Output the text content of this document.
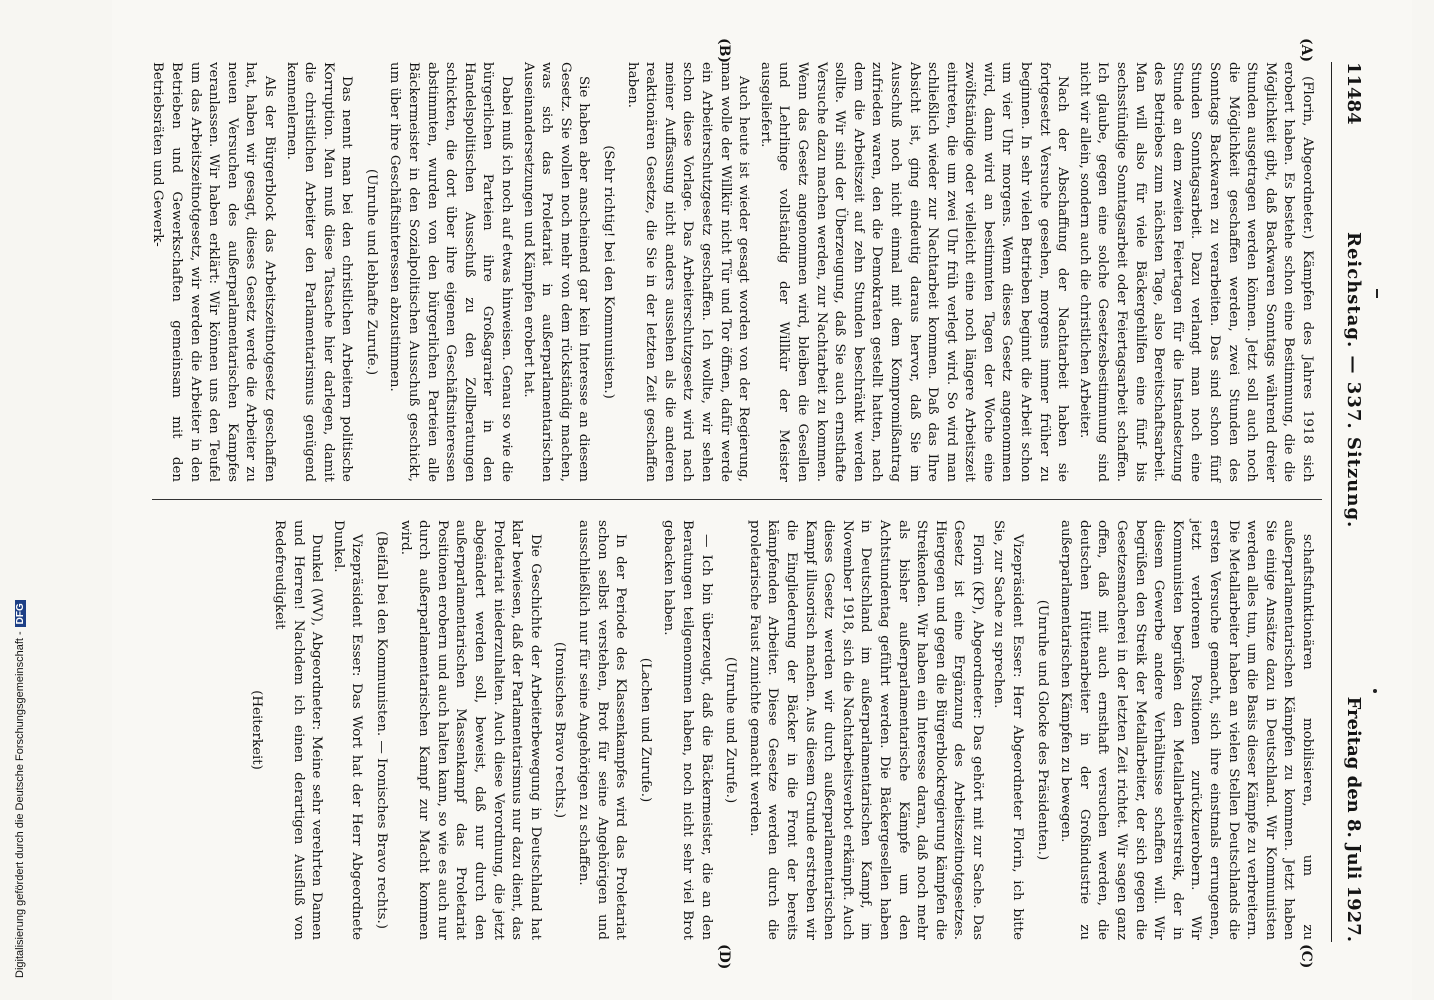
11484
Reichstag. — 337. Sitzung.
Freitag den 8. Juli 1927.
(A)
(B)
(C)
(D)

(Florin, Abgeordneter.) Kämpfen des Jahres 1918 sich erobert haben. Es bestehe schon eine Bestimmung, die die Möglichkeit gibt, daß Backwaren Sonntags während dreier Stunden ausgetragen werden können. Jetzt soll auch noch die Möglichkeit geschaffen werden, zwei Stunden des Sonntags Backwaren zu verarbeiten. Das sind schon fünf Stunden Sonntagsarbeit. Dazu verlangt man noch eine Stunde an dem zweiten Feiertagen für die Instandsetzung des Betriebes zum nächsten Tage, also Bereitschaftsarbeit. Man will also für viele Bäckergehilfen eine fünf- bis sechsstündige Sonntagsarbeit oder Feiertagsarbeit schaffen. Ich glaube, gegen eine solche Gesetzesbestimmung sind nicht wir allein, sondern auch die christlichen Arbeiter.

Nach der Abschaffung der Nachtarbeit haben sie fortgesetzt Versuche gesehen, morgens immer früher zu beginnen. In sehr vielen Betrieben beginnt die Arbeit schon um vier Uhr morgens. Wenn dieses Gesetz angenommen wird, dann wird an bestimmten Tagen der Woche eine zwölfständige oder vielleicht eine noch längere Arbeitszeit eintreten, die um zwei Uhr früh verlegt wird. So wird man schließlich wieder zur Nachtarbeit kommen. Daß das Ihre Absicht ist, ging eindeutig daraus hervor, daß Sie im Ausschuß noch nicht einmal mit dem Kompromißantrag zufrieden waren, den die Demokraten gestellt hatten, nach dem die Arbeitszeit auf zehn Stunden beschränkt werden sollte. Wir sind der Überzeugung, daß Sie auch ernsthafte Versuche dazu machen werden, zur Nachtarbeit zu kommen. Wenn das Gesetz angenommen wird, bleiben die Gesellen und Lehrlinge vollständig der Willkür der Meister ausgeliefert.

Auch heute ist wieder gesagt worden von der Regierung, man wolle der Willkür nicht Tür und Tor öffnen, dafür werde ein Arbeiterschutzgesetz geschaffen. Ich wollte, wir sehen schon diese Vorlage. Das Arbeiterschutzgesetz wird nach meiner Auffassung nicht anders aussehen als die anderen reaktionären Gesetze, die Sie in der letzten Zeit geschaffen haben.

(Sehr richtig! bei den Kommunisten.)

Sie haben aber anscheinend gar kein Interesse an diesem Gesetz. Sie wollen noch mehr von dem rückständig machen, was sich das Proletariat in außerparlamentarischen Auseinandersetzungen und Kämpfen erobert hat.

Dabei muß ich noch auf etwas hinweisen. Genau so wie die bürgerlichen Parteien ihre Großagrarier in den Handelspolitischen Ausschuß zu den Zollberatungen schickten, die dort über ihre eigenen Geschäftsinteressen abstimmten, wurden von den bürgerlichen Parteien alle Bäckermeister in den Sozialpolitischen Ausschuß geschickt, um über ihre Geschäftsinteressen abzustimmen.

(Unruhe und lebhafte Zurufe.)

Das nennt man bei den christlichen Arbeitern politische Korruption. Man muß diese Tatsache hier darlegen, damit die christlichen Arbeiter den Parlamentarismus genügend kennenlernen.

Als der Bürgerblock das Arbeitszeitnotgesetz geschaffen hat, haben wir gesagt, dieses Gesetz werde die Arbeiter zu neuen Versuchen des außerparlamentarischen Kampfes veranlassen. Wir haben erklärt: Wir können uns den Teufel um das Arbeitszeitnotgesetz, wir werden die Arbeiter in den Betrieben und Gewerkschaften gemeinsam mit den Betriebsräten und Gewerk-

schaftsfunktionären mobilisieren, um zu außerparlamentarischen Kämpfen zu kommen. Jetzt haben Sie einige Ansätze dazu in Deutschland. Wir Kommunisten werden alles tun, um die Basis dieser Kämpfe zu verbreitern. Die Metallarbeiter haben an vielen Stellen Deutschlands die ersten Versuche gemacht, sich ihre einstmals errungenen, jetzt verlorenen Positionen zurückzuerobern. Wir Kommunisten begrüßen den Metallarbeiterstreik, der in diesem Gewerbe andere Verhältnisse schaffen will. Wir begrüßen den Streik der Metallarbeiter, der sich gegen die Gesetzesmacherei in der letzten Zeit richtet. Wir sagen ganz offen, daß mit auch ernsthaft versuchen werden, die deutschen Hüttenarbeiter in der Großindustrie zu außerparlamentarischen Kämpfen zu bewegen.

(Unruhe und Glocke des Präsidenten.)

Vizepräsident Esser: Herr Abgeordneter Florin, ich bitte Sie, zur Sache zu sprechen.

Florin (KP), Abgeordneter: Das gehört mit zur Sache. Das Gesetz ist eine Ergänzung des Arbeitszeitnotgesetzes. Hiergegen und gegen die Bürgerblockregierung kämpfen die Streikenden. Wir haben ein Interesse daran, daß noch mehr als bisher außerparlamentarische Kämpfe um den Achtstundentag geführt werden. Die Bäckergesellen haben in Deutschland im außerparlamentarischen Kampf, im November 1918, sich die Nachtarbeitsverbot erkämpft. Auch dieses Gesetz werden wir durch außerparlamentarischen Kampf illusorisch machen. Aus diesem Grunde erstreben wir die Eingliederung der Bäcker in die Front der bereits kämpfenden Arbeiter. Diese Gesetze werden durch die proletarische Faust zunichte gemacht werden.

(Unruhe und Zurufe.)

— Ich bin überzeugt, daß die Bäckermeister, die an den Beratungen teilgenommen haben, noch nicht sehr viel Brot gebacken haben.

(Lachen und Zurufe.)

In der Periode des Klassenkampfes wird das Proletariat schon selbst verstehen, Brot für seine Angehörigen und ausschließlich nur für seine Angehörigen zu schaffen.

(Ironisches Bravo rechts.)

Die Geschichte der Arbeiterbewegung in Deutschland hat klar bewiesen, daß der Parlamentarismus nur dazu dient, das Proletariat niederzuhalten. Auch diese Verordnung, die jetzt abgeändert werden soll, beweist, daß nur durch den außerparlamentarischen Massenkampf das Proletariat Positionen erobern und auch halten kann, so wie es auch nur durch außerparlamentarischen Kampf zur Macht kommen wird.

(Beifall bei den Kommunisten. — Ironisches Bravo rechts.)

Vizepräsident Esser: Das Wort hat der Herr Abgeordnete Dunkel.

Dunkel (WV), Abgeordneter: Meine sehr verehrten Damen und Herren! Nachdem ich einen derartigen Ausfluß von Redefreudigkeit

(Heiterkeit)

Digitalisierung gefördert durch die Deutsche Forschungsgemeinschaft -DFG
